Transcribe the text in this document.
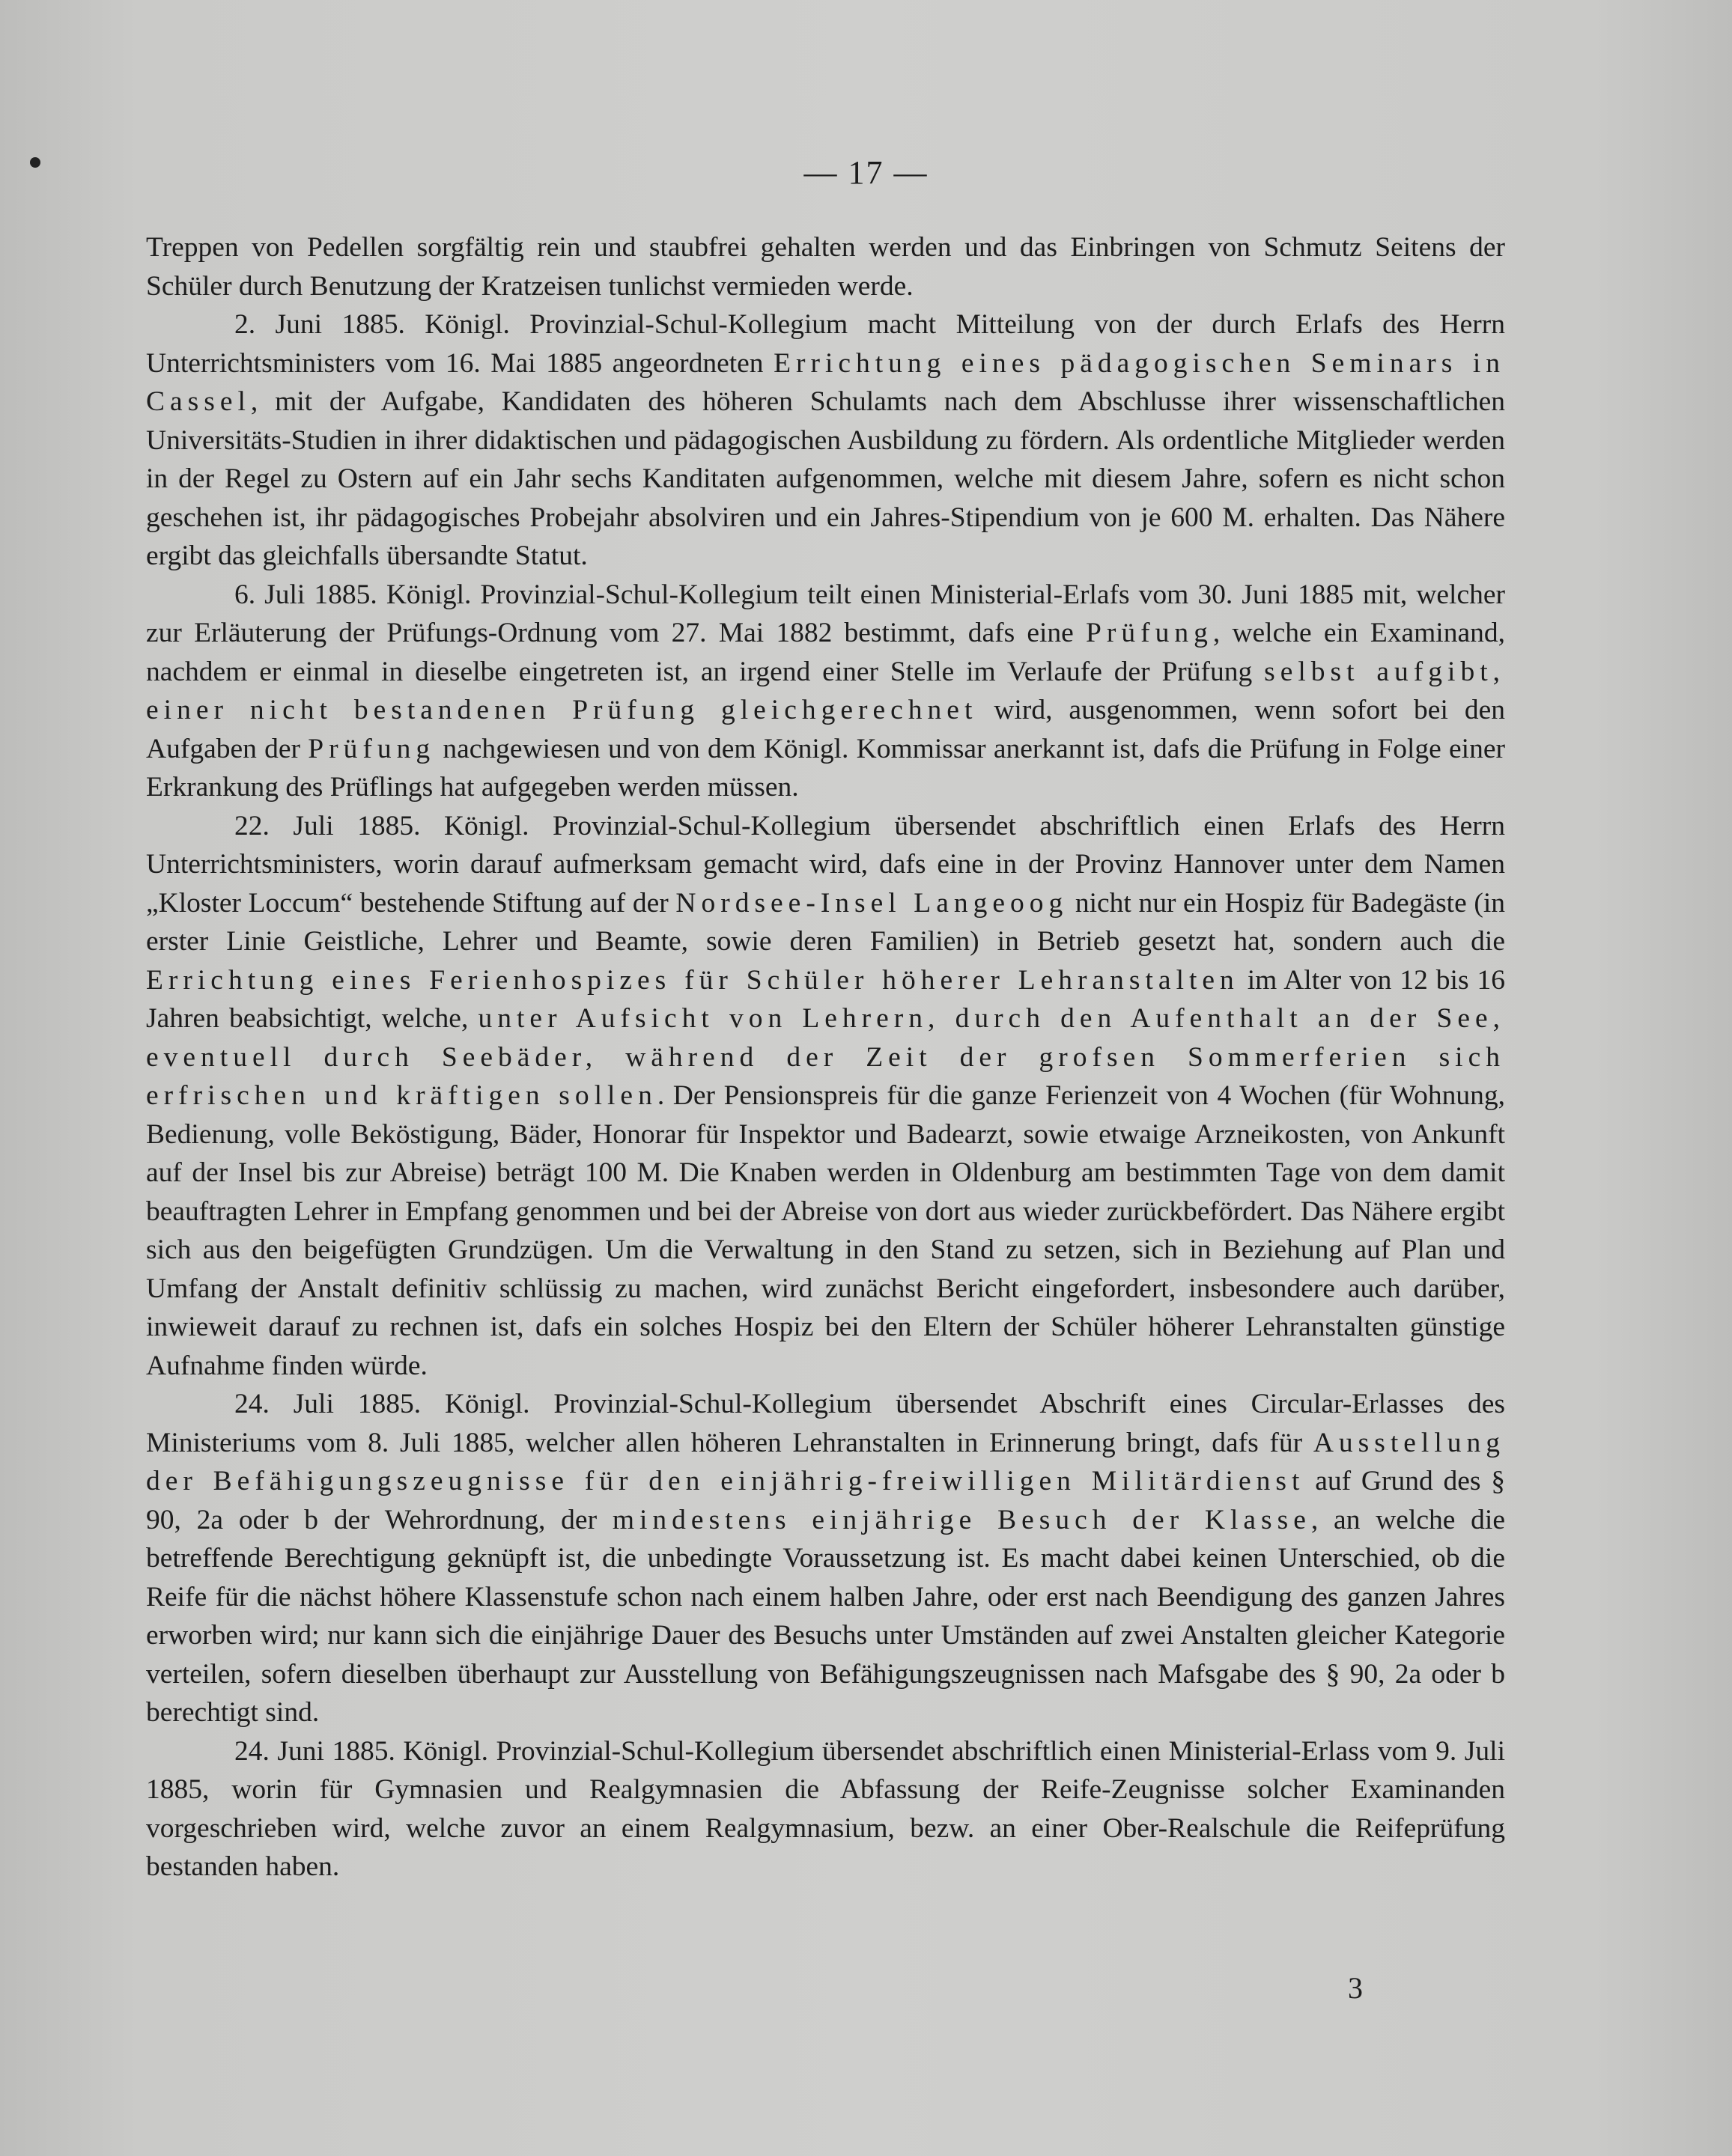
— 17 —

Treppen von Pedellen sorgfältig rein und staubfrei gehalten werden und das Einbringen von Schmutz Seitens der Schüler durch Benutzung der Kratzeisen tunlichst vermieden werde.

2. Juni 1885. Königl. Provinzial-Schul-Kollegium macht Mitteilung von der durch Erlafs des Herrn Unterrichtsministers vom 16. Mai 1885 angeordneten Errichtung eines pädagogischen Seminars in Cassel, mit der Aufgabe, Kandidaten des höheren Schulamts nach dem Abschlusse ihrer wissenschaftlichen Universitäts-Studien in ihrer didaktischen und pädagogischen Ausbildung zu fördern. Als ordentliche Mitglieder werden in der Regel zu Ostern auf ein Jahr sechs Kanditaten aufgenommen, welche mit diesem Jahre, sofern es nicht schon geschehen ist, ihr pädagogisches Probejahr absolviren und ein Jahres-Stipendium von je 600 M. erhalten. Das Nähere ergibt das gleichfalls übersandte Statut.

6. Juli 1885. Königl. Provinzial-Schul-Kollegium teilt einen Ministerial-Erlafs vom 30. Juni 1885 mit, welcher zur Erläuterung der Prüfungs-Ordnung vom 27. Mai 1882 bestimmt, dafs eine Prüfung, welche ein Examinand, nachdem er einmal in dieselbe eingetreten ist, an irgend einer Stelle im Verlaufe der Prüfung selbst aufgibt, einer nicht bestandenen Prüfung gleichgerechnet wird, ausgenommen, wenn sofort bei den Aufgaben der Prüfung nachgewiesen und von dem Königl. Kommissar anerkannt ist, dafs die Prüfung in Folge einer Erkrankung des Prüflings hat aufgegeben werden müssen.

22. Juli 1885. Königl. Provinzial-Schul-Kollegium übersendet abschriftlich einen Erlafs des Herrn Unterrichtsministers, worin darauf aufmerksam gemacht wird, dafs eine in der Provinz Hannover unter dem Namen „Kloster Loccum“ bestehende Stiftung auf der Nordsee-Insel Langeoog nicht nur ein Hospiz für Badegäste (in erster Linie Geistliche, Lehrer und Beamte, sowie deren Familien) in Betrieb gesetzt hat, sondern auch die Errichtung eines Ferienhospizes für Schüler höherer Lehranstalten im Alter von 12 bis 16 Jahren beabsichtigt, welche, unter Aufsicht von Lehrern, durch den Aufenthalt an der See, eventuell durch Seebäder, während der Zeit der grofsen Sommerferien sich erfrischen und kräftigen sollen. Der Pensionspreis für die ganze Ferienzeit von 4 Wochen (für Wohnung, Bedienung, volle Beköstigung, Bäder, Honorar für Inspektor und Badearzt, sowie etwaige Arzneikosten, von Ankunft auf der Insel bis zur Abreise) beträgt 100 M. Die Knaben werden in Oldenburg am bestimmten Tage von dem damit beauftragten Lehrer in Empfang genommen und bei der Abreise von dort aus wieder zurückbefördert. Das Nähere ergibt sich aus den beigefügten Grundzügen. Um die Verwaltung in den Stand zu setzen, sich in Beziehung auf Plan und Umfang der Anstalt definitiv schlüssig zu machen, wird zunächst Bericht eingefordert, insbesondere auch darüber, inwieweit darauf zu rechnen ist, dafs ein solches Hospiz bei den Eltern der Schüler höherer Lehranstalten günstige Aufnahme finden würde.

24. Juli 1885. Königl. Provinzial-Schul-Kollegium übersendet Abschrift eines Circular-Erlasses des Ministeriums vom 8. Juli 1885, welcher allen höheren Lehranstalten in Erinnerung bringt, dafs für Ausstellung der Befähigungszeugnisse für den einjährig-freiwilligen Militärdienst auf Grund des § 90, 2a oder b der Wehrordnung, der mindestens einjährige Besuch der Klasse, an welche die betreffende Berechtigung geknüpft ist, die unbedingte Voraussetzung ist. Es macht dabei keinen Unterschied, ob die Reife für die nächst höhere Klassenstufe schon nach einem halben Jahre, oder erst nach Beendigung des ganzen Jahres erworben wird; nur kann sich die einjährige Dauer des Besuchs unter Umständen auf zwei Anstalten gleicher Kategorie verteilen, sofern dieselben überhaupt zur Ausstellung von Befähigungszeugnissen nach Mafsgabe des § 90, 2a oder b berechtigt sind.

24. Juni 1885. Königl. Provinzial-Schul-Kollegium übersendet abschriftlich einen Ministerial-Erlass vom 9. Juli 1885, worin für Gymnasien und Realgymnasien die Abfassung der Reife-Zeugnisse solcher Examinanden vorgeschrieben wird, welche zuvor an einem Realgymnasium, bezw. an einer Ober-Realschule die Reifeprüfung bestanden haben.

3
